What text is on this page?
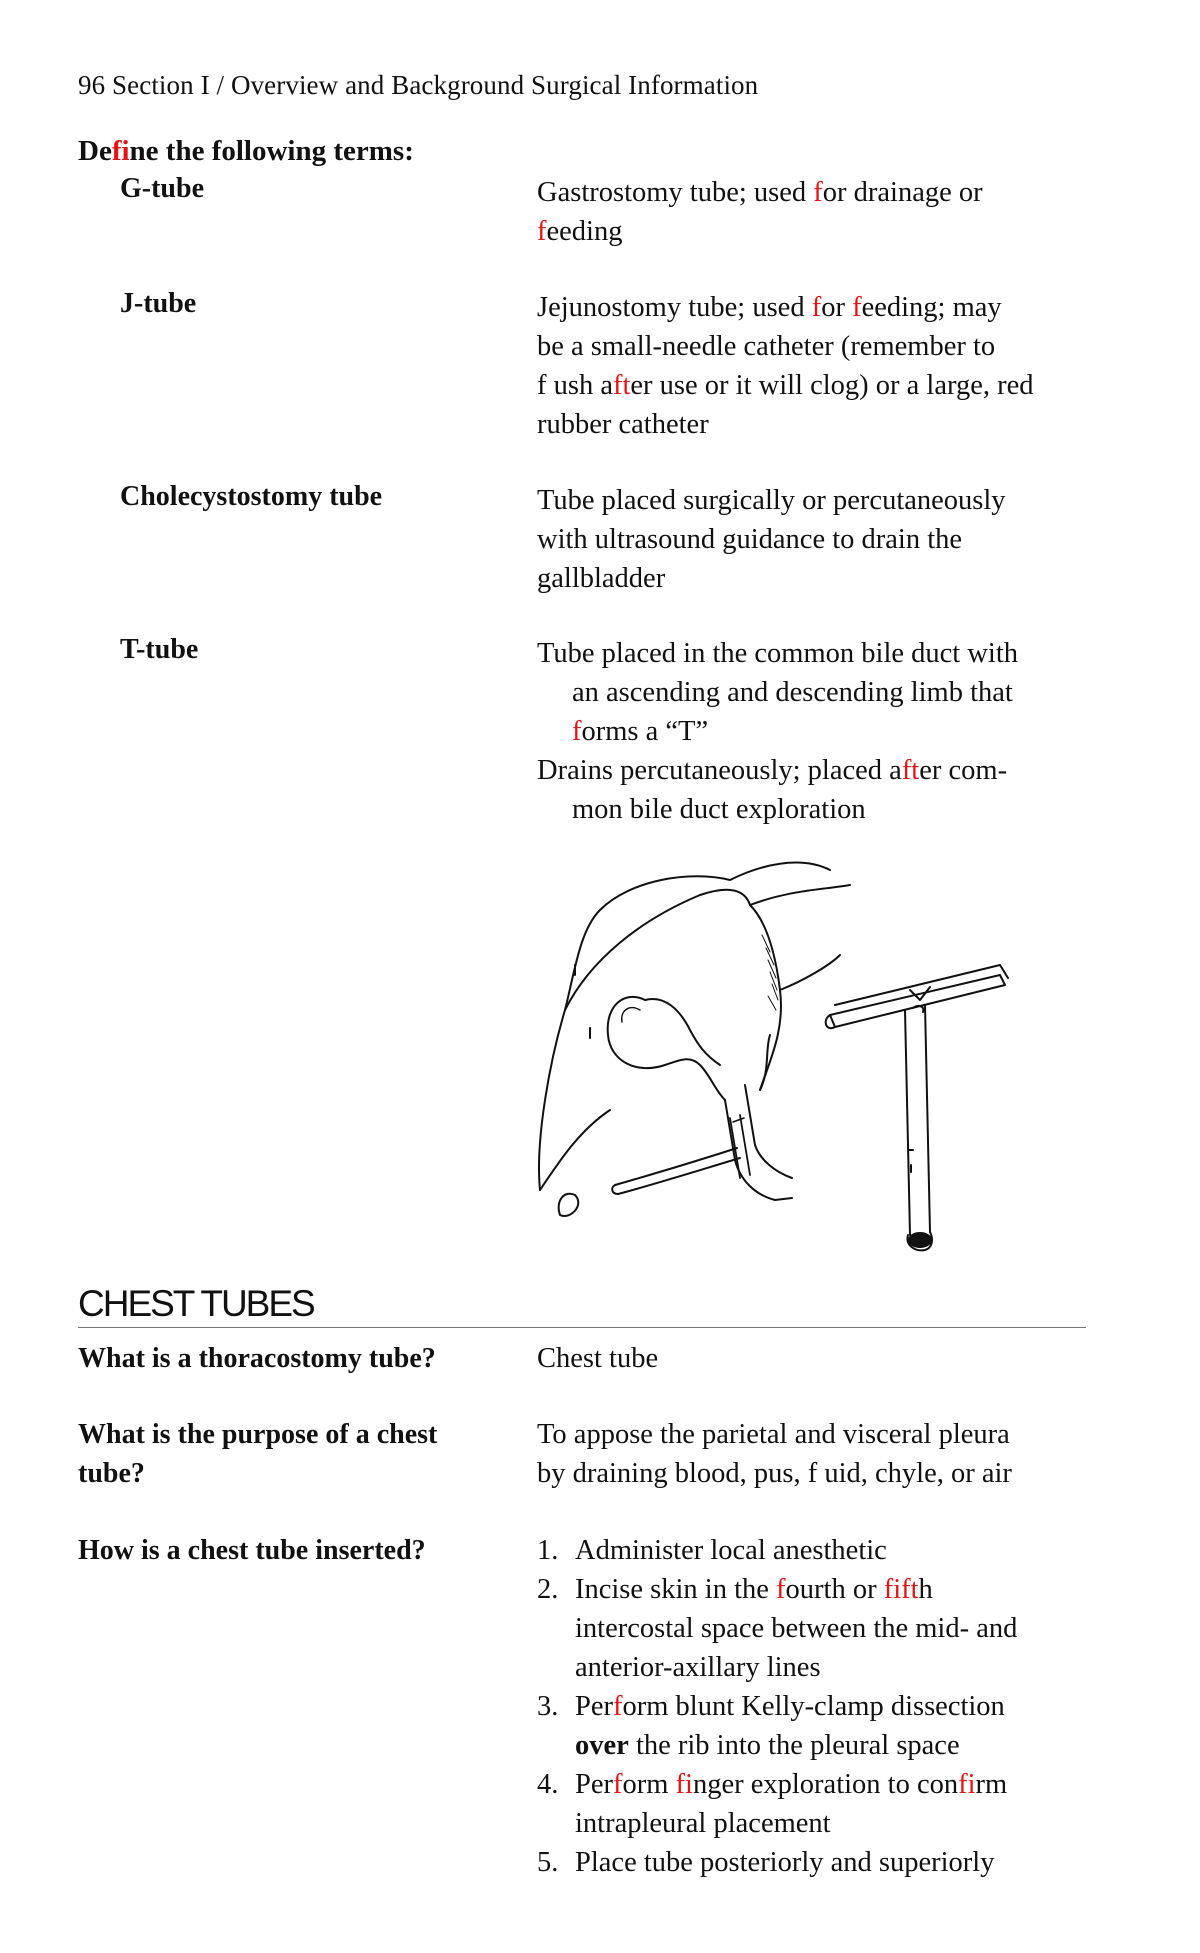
96 Section I / Overview and Background Surgical Information
Define the following terms:
G-tube	Gastrostomy tube; used for drainage or
feeding
J-tube	Jejunostomy tube; used for feeding; may
be a small-needle catheter (remember to
f ush after use or it will clog) or a large, red
rubber catheter
Cholecystostomy tube	Tube placed surgically or percutaneously
with ultrasound guidance to drain the
gallbladder
T-tube	Tube placed in the common bile duct with
an ascending and descending limb that
forms a “T”
Drains percutaneously; placed after com-
mon bile duct exploration
CHEST TUBES
What is a thoracostomy tube?	Chest tube
What is the purpose of a chest
tube?
To appose the parietal and visceral pleura
by draining blood, pus, f uid, chyle, or air
How is a chest tube inserted?	1. Administer local anesthetic
2. Incise skin in the fourth or fifth
intercostal space between the mid- and
anterior-axillary lines
3. Perform blunt Kelly-clamp dissection
over the rib into the pleural space
4. Perform finger exploration to confirm
intrapleural placement
5. Place tube posteriorly and superiorly
